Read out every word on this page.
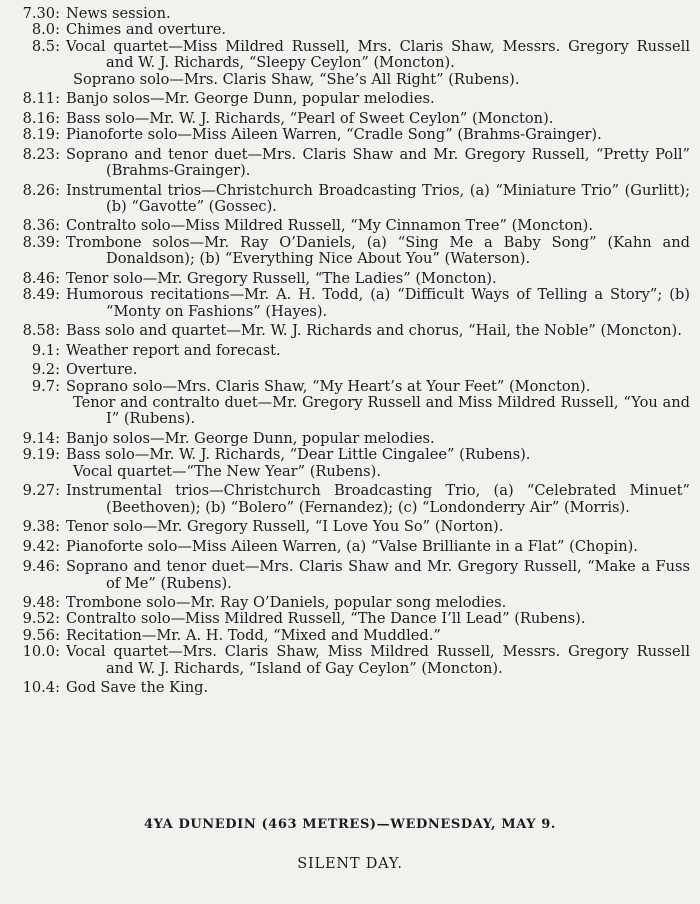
7.30: News session.
8.0: Chimes and overture.
8.5: Vocal quartet—Miss Mildred Russell, Mrs. Claris Shaw, Messrs. Gregory Russell and W. J. Richards, “Sleepy Ceylon” (Moncton).
Soprano solo—Mrs. Claris Shaw, “She’s All Right” (Rubens).
8.11: Banjo solos—Mr. George Dunn, popular melodies.
8.16: Bass solo—Mr. W. J. Richards, “Pearl of Sweet Ceylon” (Moncton).
8.19: Pianoforte solo—Miss Aileen Warren, “Cradle Song” (Brahms-Grainger).
8.23: Soprano and tenor duet—Mrs. Claris Shaw and Mr. Gregory Russell, “Pretty Poll” (Brahms-Grainger).
8.26: Instrumental trios—Christchurch Broadcasting Trios, (a) “Miniature Trio” (Gurlitt); (b) “Gavotte” (Gossec).
8.36: Contralto solo—Miss Mildred Russell, “My Cinnamon Tree” (Moncton).
8.39: Trombone solos—Mr. Ray O’Daniels, (a) “Sing Me a Baby Song” (Kahn and Donaldson); (b) “Everything Nice About You” (Waterson).
8.46: Tenor solo—Mr. Gregory Russell, “The Ladies” (Moncton).
8.49: Humorous recitations—Mr. A. H. Todd, (a) “Difficult Ways of Telling a Story”; (b) “Monty on Fashions” (Hayes).
8.58: Bass solo and quartet—Mr. W. J. Richards and chorus, “Hail, the Noble” (Moncton).
9.1: Weather report and forecast.
9.2: Overture.
9.7: Soprano solo—Mrs. Claris Shaw, “My Heart’s at Your Feet” (Moncton).
Tenor and contralto duet—Mr. Gregory Russell and Miss Mildred Russell, “You and I” (Rubens).
9.14: Banjo solos—Mr. George Dunn, popular melodies.
9.19: Bass solo—Mr. W. J. Richards, “Dear Little Cingalee” (Rubens).
Vocal quartet—“The New Year” (Rubens).
9.27: Instrumental trios—Christchurch Broadcasting Trio, (a) “Celebrated Minuet” (Beethoven); (b) “Bolero” (Fernandez); (c) “Londonderry Air” (Morris).
9.38: Tenor solo—Mr. Gregory Russell, “I Love You So” (Norton).
9.42: Pianoforte solo—Miss Aileen Warren, (a) “Valse Brilliante in a Flat” (Chopin).
9.46: Soprano and tenor duet—Mrs. Claris Shaw and Mr. Gregory Russell, “Make a Fuss of Me” (Rubens).
9.48: Trombone solo—Mr. Ray O’Daniels, popular song melodies.
9.52: Contralto solo—Miss Mildred Russell, “The Dance I’ll Lead” (Rubens).
9.56: Recitation—Mr. A. H. Todd, “Mixed and Muddled.”
10.0: Vocal quartet—Mrs. Claris Shaw, Miss Mildred Russell, Messrs. Gregory Russell and W. J. Richards, “Island of Gay Ceylon” (Moncton).
10.4: God Save the King.
4YA DUNEDIN (463 METRES)—WEDNESDAY, MAY 9.
SILENT DAY.
